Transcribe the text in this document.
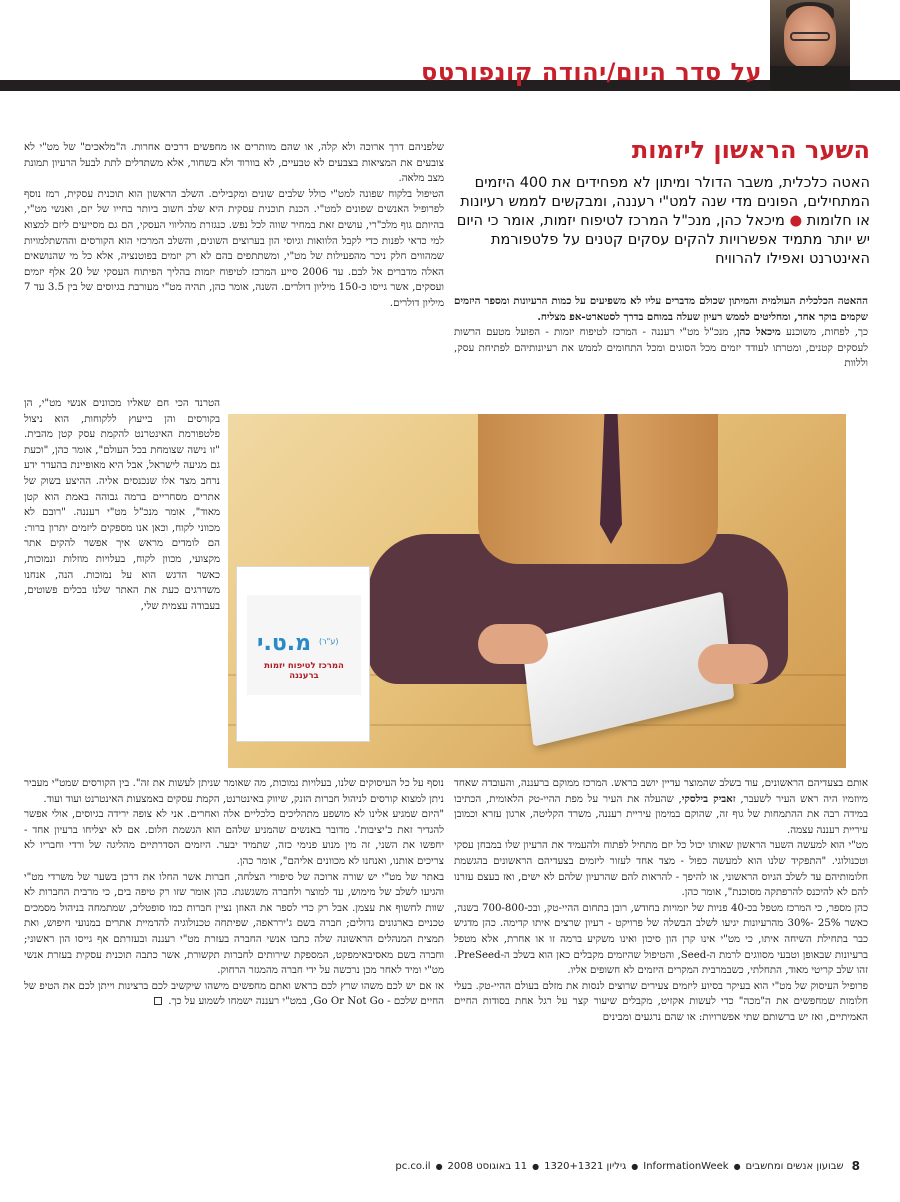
על סדר היום/יהודה קונפורטס
השער הראשון ליזמות
האטה כלכלית, משבר הדולר ומיתון לא מפחידים את 400 היזמים המתחילים, הפונים מדי שנה למט"י רעננה, ומבקשים לממש רעיונות או חלומות ● מיכאל כהן, מנכ"ל המרכז לטיפוח יזמות, אומר כי היום יש יותר מתמיד אפשרויות להקים עסקים קטנים על פלטפורמת האינטרנט ואפילו להרוויח

ההאטה הכלכלית העולמית והמיתון שכולם מדברים עליו לא משפיעים על כמות הרעיונות ומספר היזמים שקמים בוקר אחד, ומחליטים לממש רעיון שעלה במוחם בדרך לסטארט-אפ מצליח.

כך, לפחות, משוכנע מיכאל כהן, מנכ"ל מט"י רעננה - המרכז לטיפוח יזמות - הפועל מטעם הרשות לעסקים קטנים, ומטרתו לעודד יזמים מכל הסוגים ומכל התחומים לממש את רעיונותיהם לפתיחת עסק, וללוות

שלפניהם דרך ארוכה ולא קלה, או שהם מוותרים או מחפשים דרכים אחרות. ה"מלאכים" של מט"י לא צובעים את המציאות בצבעים לא טבעיים, לא בוורוד ולא בשחור, אלא משתדלים לתת לבעל הרעיון תמונת מצב מלאה.

הטיפול בלקוח שפונה למט"י כולל שלבים שונים ומקבילים. השלב הראשון הוא תוכנית עסקית, רמז נוסף לפרופיל האנשים שפונים למט"י. הכנת תוכנית עסקית היא שלב חשוב ביותר בחייו של יזם, ואנשי מט"י, בהיותם גוף מלכ"רי, עושים זאת במחיר שווה לכל נפש. כנגזרת מהליווי העסקי, הם גם מסייעים ליזם למצוא למי כדאי לפנות כדי לקבל הלוואות וגיוסי הון בערוצים השונים, והשלב המרכזי הוא הקורסים וההשתלמויות שמהווים חלק ניכר מהפעילות של מט"י, ומשתתפים בהם לא רק יזמים בפוטנציה, אלא כל מי שהנושאים האלה מדברים אל לבם. עד 2006 סייע המרכז לטיפוח יזמות בהליך הפיתוח העסקי של 20 אלף יזמים ועסקים, אשר גייסו כ-150 מיליון דולרים. השנה, אומר כהן, תהיה מט"י מעורבת בגיוסים של בין 3.5 עד 7 מיליון דולרים.

הטרנד הכי חם שאליו מכוונים אנשי מט"י, הן בקורסים והן בייעוץ ללקוחות, הוא ניצול פלטפורמת האינטרנט להקמת עסק קטן מהבית. "זו נישה שצומחת בכל העולם", אומר כהן, "וכעת גם מגיעה לישראל, אבל היא מאופיינת בהעדר ידע נרחב מצד אלו שנכנסים אליה. ההיצע בשוק של אתרים מסחריים ברמה גבוהה באמת הוא קטן מאוד", אומר מנכ"ל מט"י רעננה. "רובם לא מכווני לקוח, וכאן אנו מספקים ליזמים יתרון ברור: הם לומדים מראש איך אפשר להקים אתר מקצועי, מכוון לקוח, בעלויות מוזלות ונמוכות, כאשר הדגש הוא על נמוכות. הנה, אנחנו משדרגים כעת את האתר שלנו בכלים פשוטים, בעבודה עצמית שלי,

מ.ט.י (ע"ר)
המרכז לטיפוח יזמות ברעננה

אותם בצעדיהם הראשונים, עוד בשלב שהמוצר עדיין יושב בראש. המרכז ממוקם ברעננה, והעובדה שאחד מיוזמיו היה ראש העיר לשעבר, זאביק בילסקי, שהעלה את העיר על מפת ההיי-טק הלאומית, הכתיבו במידה רבה את ההתמחות של גוף זה, שהוקם במימון עיריית רעננה, משרד הקליטה, ארגון עזרא וכמובן עיריית רעננה עצמה.

מט"י הוא למעשה השער הראשון שאותו יכול כל יזם מתחיל לפתוח ולהעמיד את הרעיון שלו במבחן עסקי וטכנולוגי. "התפקיד שלנו הוא למעשה כפול - מצד אחד לעזור ליזמים בצעדיהם הראשונים בהגשמת חלומותיהם עד לשלב הגיוס הראשוני, או להיפך - להראות להם שהרעיון שלהם לא ישים, ואז בעצם עזרנו להם לא להיכנס להרפתקה מסוכנת", אומר כהן.

כהן מספר, כי המרכז מטפל בכ-40 פניות של יזמויות בחודש, רובן בתחום ההיי-טק, ובכ-700-800 בשנה, כאשר 25% -30% מהרעיונות יגיעו לשלב הבשלה של פרויקט - רעיון שרצים איתו קדימה. כהן מדגיש כבר בתחילת השיחה איתו, כי מט"י אינו קרן הון סיכון ואינו משקיע ברמה זו או אחרת, אלא מטפל ברעיונות שבאופן וטבעי מסווגים לרמת ה-Seed, והטיפול שהיזמים מקבלים כאן הוא בשלב ה-PreSeed. זהו שלב קריטי מאוד, התחלתי, כשבמרבית המקרים היזמים לא חשופים אליו.

פרופיל העיסוק של מט"י הוא בעיקר בסיוע ליזמים צעירים שרוצים לנסות את מזלם בעולם ההיי-טק. בעלי חלומות שמחפשים את ה"מכה" כדי לעשות אקזיט, מקבלים שיעור קצר על רגל אחת בסודות החיים האמיתיים, ואז יש ברשותם שתי אפשרויות: או שהם נרגעים ומבינים

נוסף על כל העיסוקים שלנו, בעלויות נמוכות, מה שאומר שניתן לעשות את זה". בין הקורסים שמט"י מעביר ניתן למצוא קורסים לניהול חברות הזנק, שיווק באינטרנט, הקמת עסקים באמצעות האינטרנט ועוד ועוד.

"היזם שמגיע אלינו לא מושפע מתהליכים כלכליים אלה ואחרים. אני לא צופה ירידה בגיוסים, אולי אפשר להגדיר זאת כ'יציבות'. מדובר באנשים שהמניע שלהם הוא הגשמת חלום. אם לא יצליחו ברעיון אחד - יחפשו את השני, זה מין מנוע פנימי כזה, שתמיד יבער. היזמים הסדרתיים מהליגה של ורדי וחבריו לא צריכים אותנו, ואנחנו לא מכוונים אליהם", אומר כהן.

באתר של מט"י יש שורה ארוכה של סיפורי הצלחה, חברות אשר החלו את דרכן בשער של משרדי מט"י והגיעו לשלב של מימוש, עד למוצר ולחברה משגשגת. כהן אומר שזו רק טיפה בים, כי מרבית החברות לא שוות לחשוף את עצמן. אבל רק כדי לספר את האוזן נציין חברות כמו סופטליב, שמתמחה בניהול מסמכים טכניים בארגונים גדולים; חברה בשם ג'ירראפה, שפיתחה טכנולוגיה להדמיית אתרים במנועי חיפוש, ואת תמצית המנהלים הראשונה שלה כתבו אנשי החברה בעזרת מט"י רעננה ובעזרתם אף גייסו הון ראשוני; וחברה בשם מאסיבאימפקט, המספקת שירותים לחברות תקשורת, אשר כתבה תוכנית עסקית בעזרת אנשי מט"י ומיד לאחר מכן נרכשה על ידי חברה מהמגזר הרחוק.

אז אם יש לכם משהו שרץ לכם בראש ואתם מחפשים מישהו שיקשיב לכם ברצינות וייתן לכם את הטיפ של החיים שלכם - Go Or Not Go, במט"י רעננה ישמחו לשמוע על כך.

8
שבועון אנשים ומחשבים
●
InformationWeek
●
גיליון 1320+1321
●
11 באוגוסט 2008
●
pc.co.il
